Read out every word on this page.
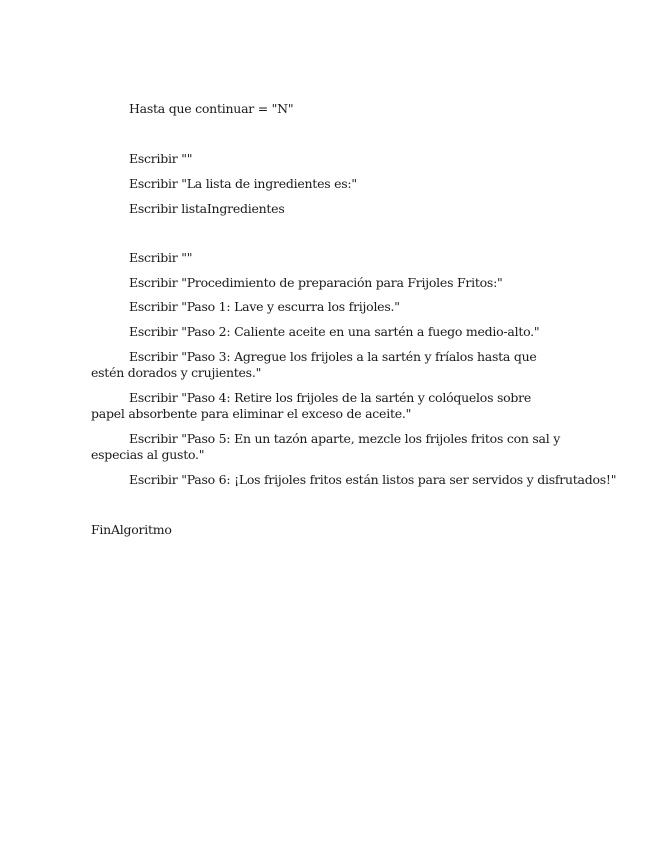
Hasta que continuar = "N"
Escribir ""
Escribir "La lista de ingredientes es:"
Escribir listaIngredientes
Escribir ""
Escribir "Procedimiento de preparación para Frijoles Fritos:"
Escribir "Paso 1: Lave y escurra los frijoles."
Escribir "Paso 2: Caliente aceite en una sartén a fuego medio-alto."
Escribir "Paso 3: Agregue los frijoles a la sartén y fríalos hasta que estén dorados y crujientes."
Escribir "Paso 4: Retire los frijoles de la sartén y colóquelos sobre papel absorbente para eliminar el exceso de aceite."
Escribir "Paso 5: En un tazón aparte, mezcle los frijoles fritos con sal y especias al gusto."
Escribir "Paso 6: ¡Los frijoles fritos están listos para ser servidos y disfrutados!"
FinAlgoritmo
